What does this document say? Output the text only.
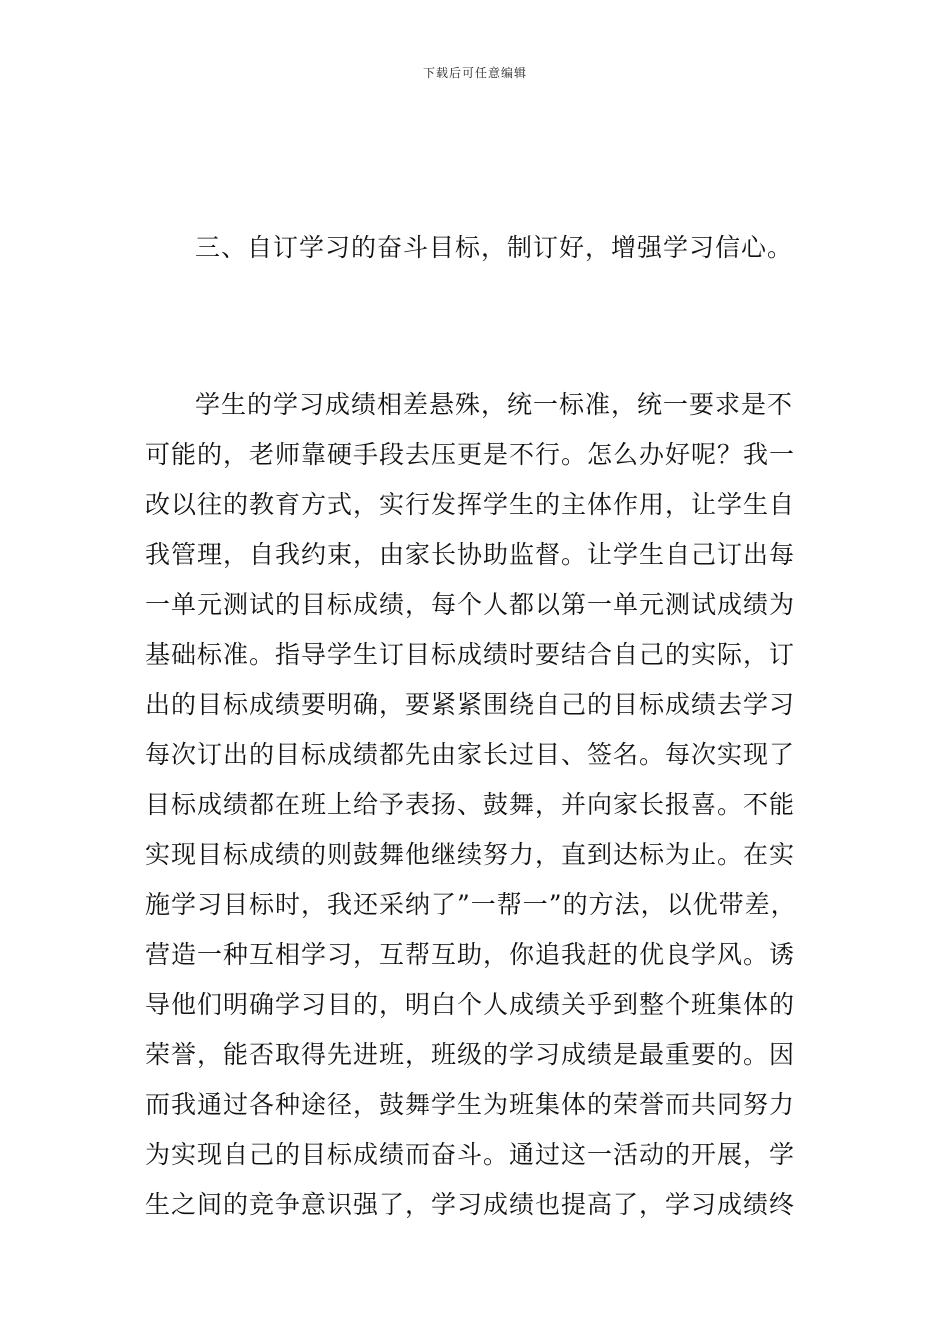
下载后可任意编辑
三、自订学习的奋斗目标，制订好，增强学习信心。
学生的学习成绩相差悬殊，统一标准，统一要求是不
可能的，老师靠硬手段去压更是不行。怎么办好呢？我一
改以往的教育方式，实行发挥学生的主体作用，让学生自
我管理，自我约束，由家长协助监督。让学生自己订出每
一单元测试的目标成绩，每个人都以第一单元测试成绩为
基础标准。指导学生订目标成绩时要结合自己的实际，订
出的目标成绩要明确，要紧紧围绕自己的目标成绩去学习
每次订出的目标成绩都先由家长过目、签名。每次实现了
目标成绩都在班上给予表扬、鼓舞，并向家长报喜。不能
实现目标成绩的则鼓舞他继续努力，直到达标为止。在实
施学习目标时，我还采纳了”一帮一”的方法，以优带差，
营造一种互相学习，互帮互助，你追我赶的优良学风。诱
导他们明确学习目的，明白个人成绩关乎到整个班集体的
荣誉，能否取得先进班，班级的学习成绩是最重要的。因
而我通过各种途径，鼓舞学生为班集体的荣誉而共同努力
为实现自己的目标成绩而奋斗。通过这一活动的开展，学
生之间的竞争意识强了，学习成绩也提高了，学习成绩终
